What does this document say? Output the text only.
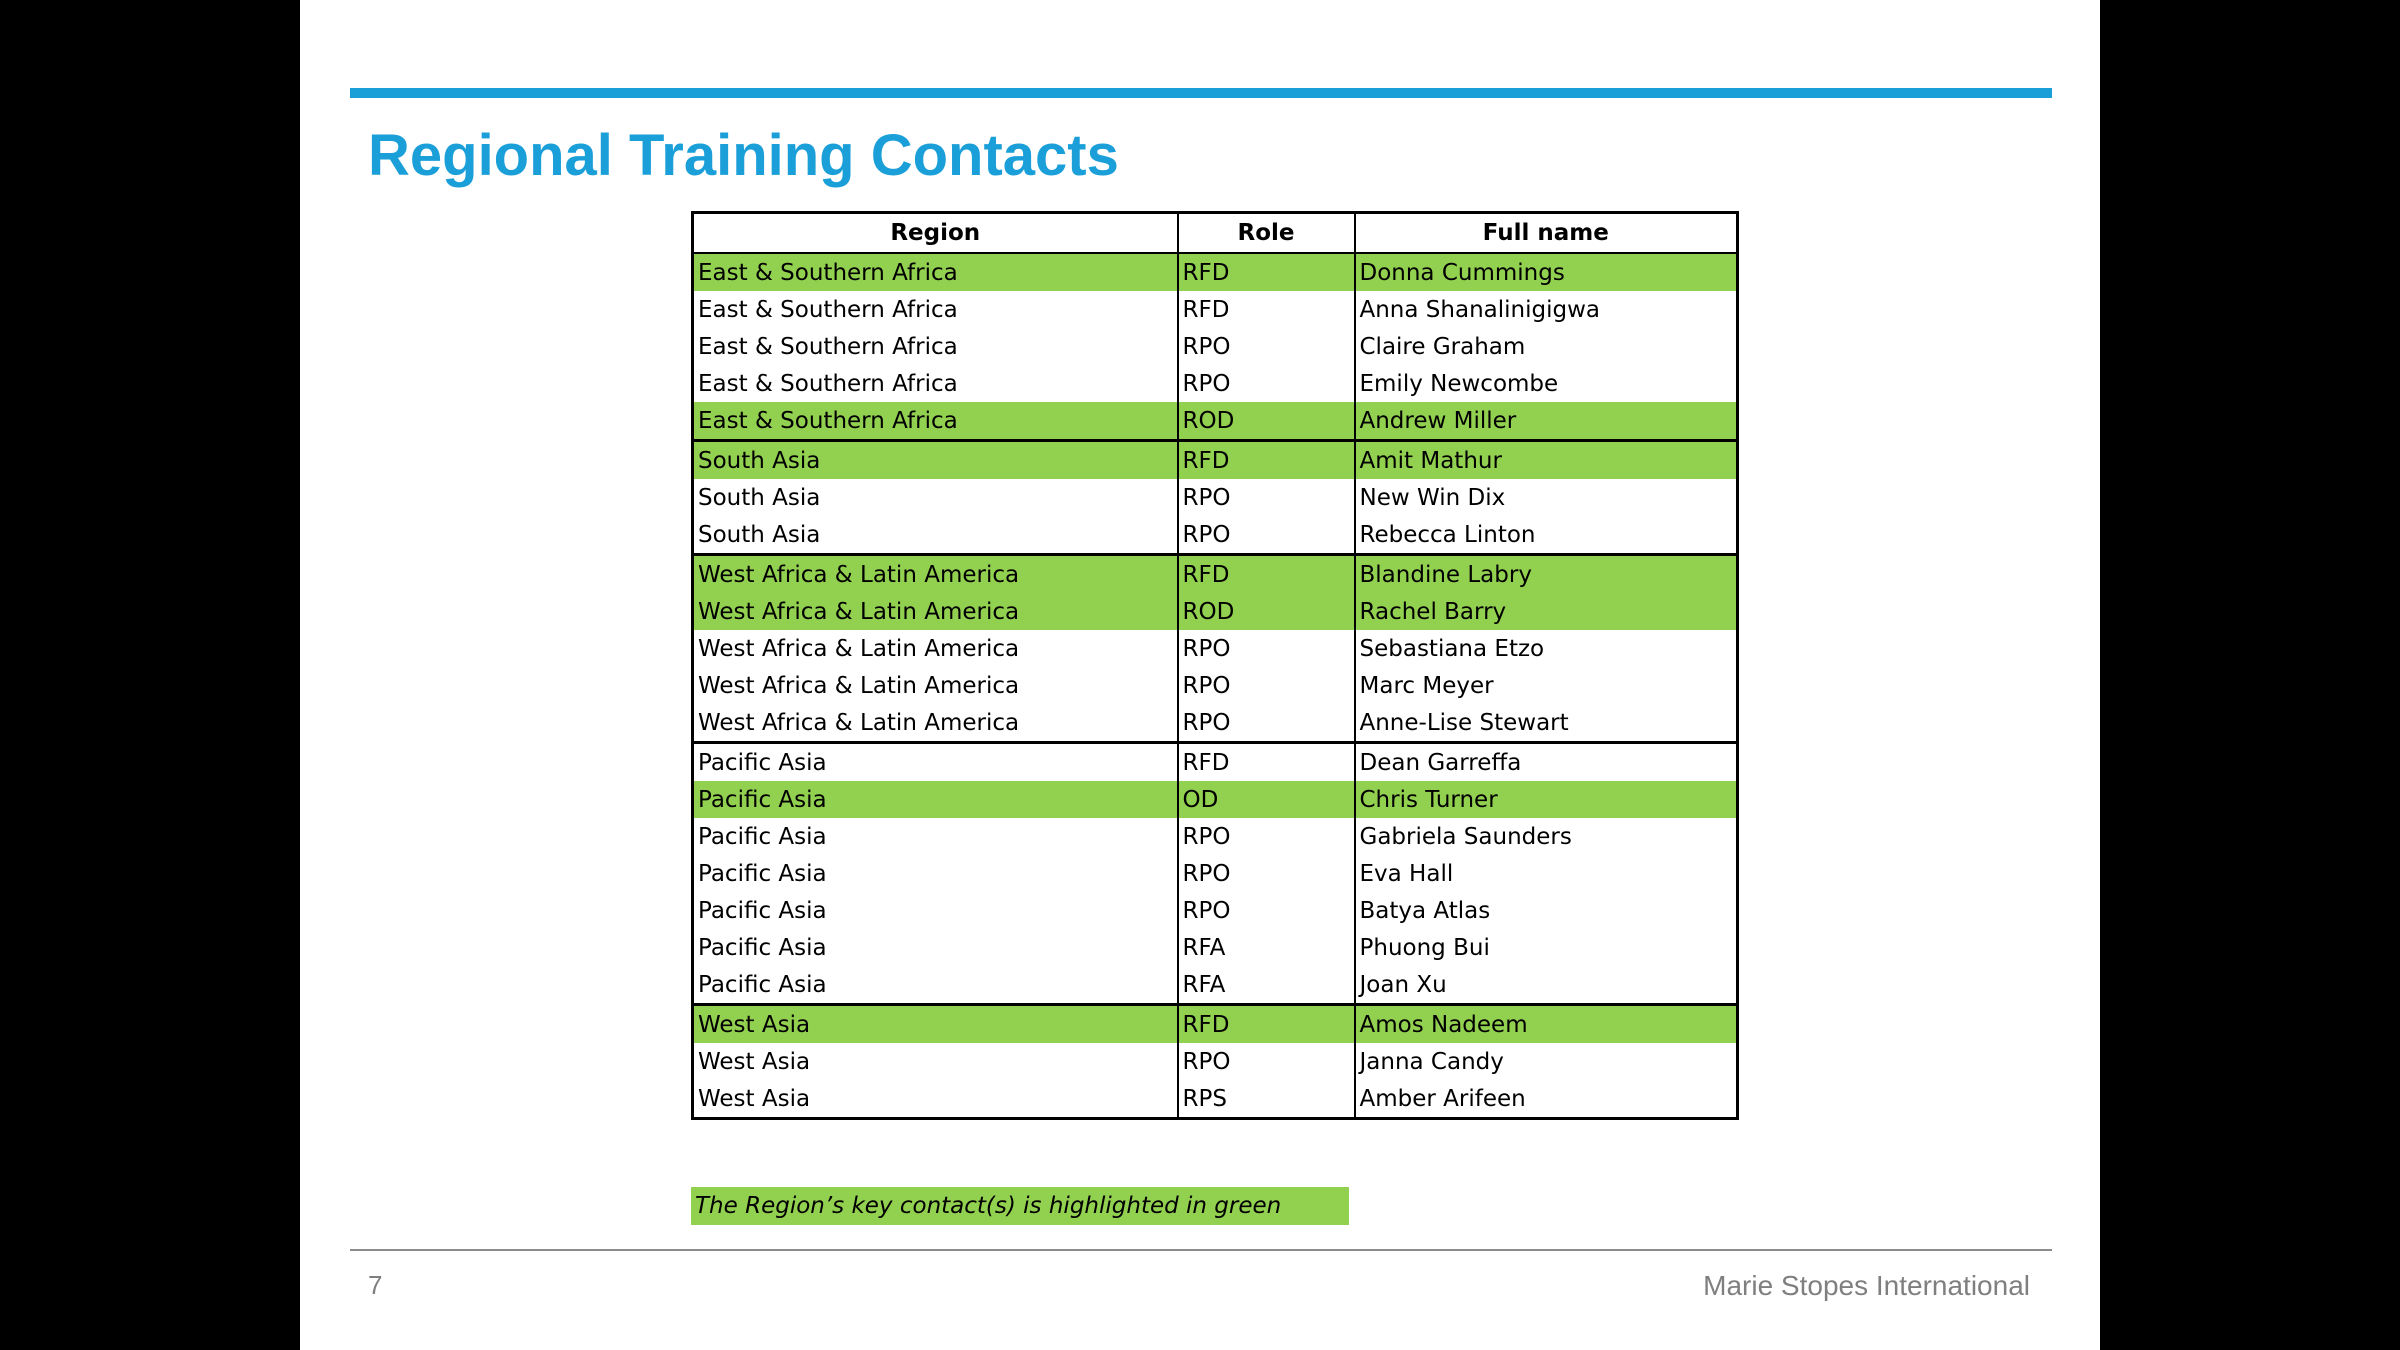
Regional Training Contacts
Region	Role	Full name
East & Southern Africa	RFD	Donna Cummings
East & Southern Africa	RFD	Anna Shanalinigigwa
East & Southern Africa	RPO	Claire Graham
East & Southern Africa	RPO	Emily Newcombe
East & Southern Africa	ROD	Andrew Miller
South Asia	RFD	Amit Mathur
South Asia	RPO	New Win Dix
South Asia	RPO	Rebecca Linton
West Africa & Latin America	RFD	Blandine Labry
West Africa & Latin America	ROD	Rachel Barry
West Africa & Latin America	RPO	Sebastiana Etzo
West Africa & Latin America	RPO	Marc Meyer
West Africa & Latin America	RPO	Anne-Lise Stewart
Pacific Asia	RFD	Dean Garreffa
Pacific Asia	OD	Chris Turner
Pacific Asia	RPO	Gabriela Saunders
Pacific Asia	RPO	Eva Hall
Pacific Asia	RPO	Batya Atlas
Pacific Asia	RFA	Phuong Bui
Pacific Asia	RFA	Joan Xu
West Asia	RFD	Amos Nadeem
West Asia	RPO	Janna Candy
West Asia	RPS	Amber Arifeen
The Region’s key contact(s) is highlighted in green
7	Marie Stopes International
